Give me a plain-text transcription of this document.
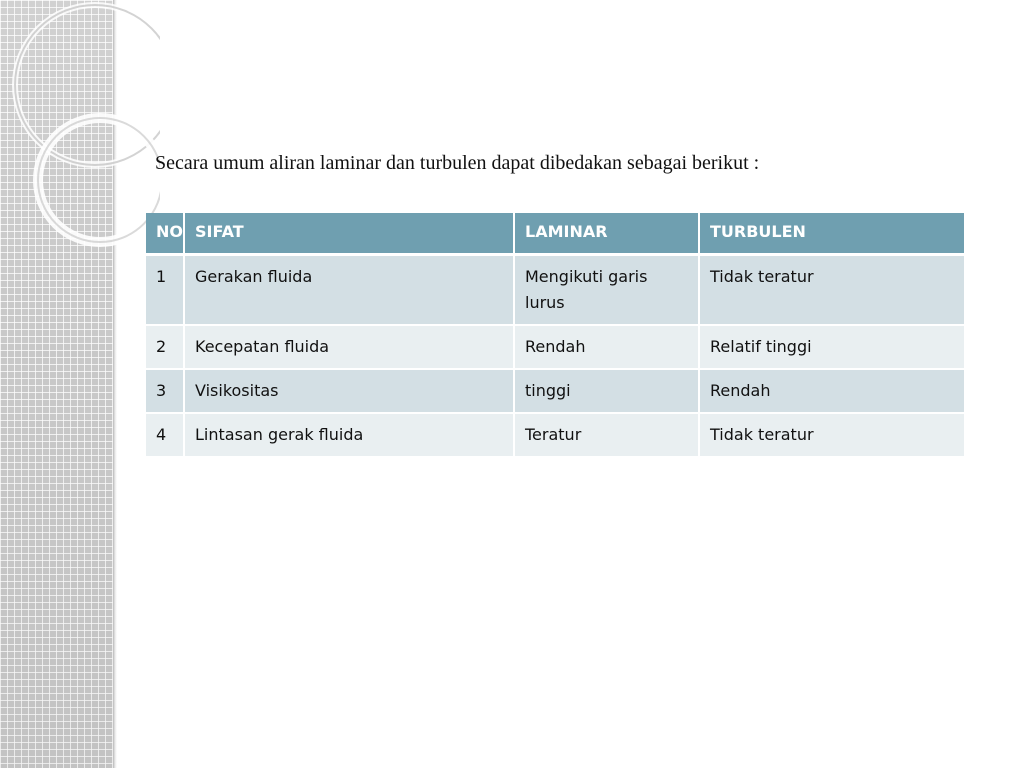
Secara umum aliran laminar dan turbulen dapat dibedakan sebagai berikut :

NO	SIFAT	LAMINAR	TURBULEN
1	Gerakan fluida	Mengikuti garis lurus	Tidak teratur
2	Kecepatan fluida	Rendah	Relatif tinggi
3	Visikositas	tinggi	Rendah
4	Lintasan gerak fluida	Teratur	Tidak teratur
